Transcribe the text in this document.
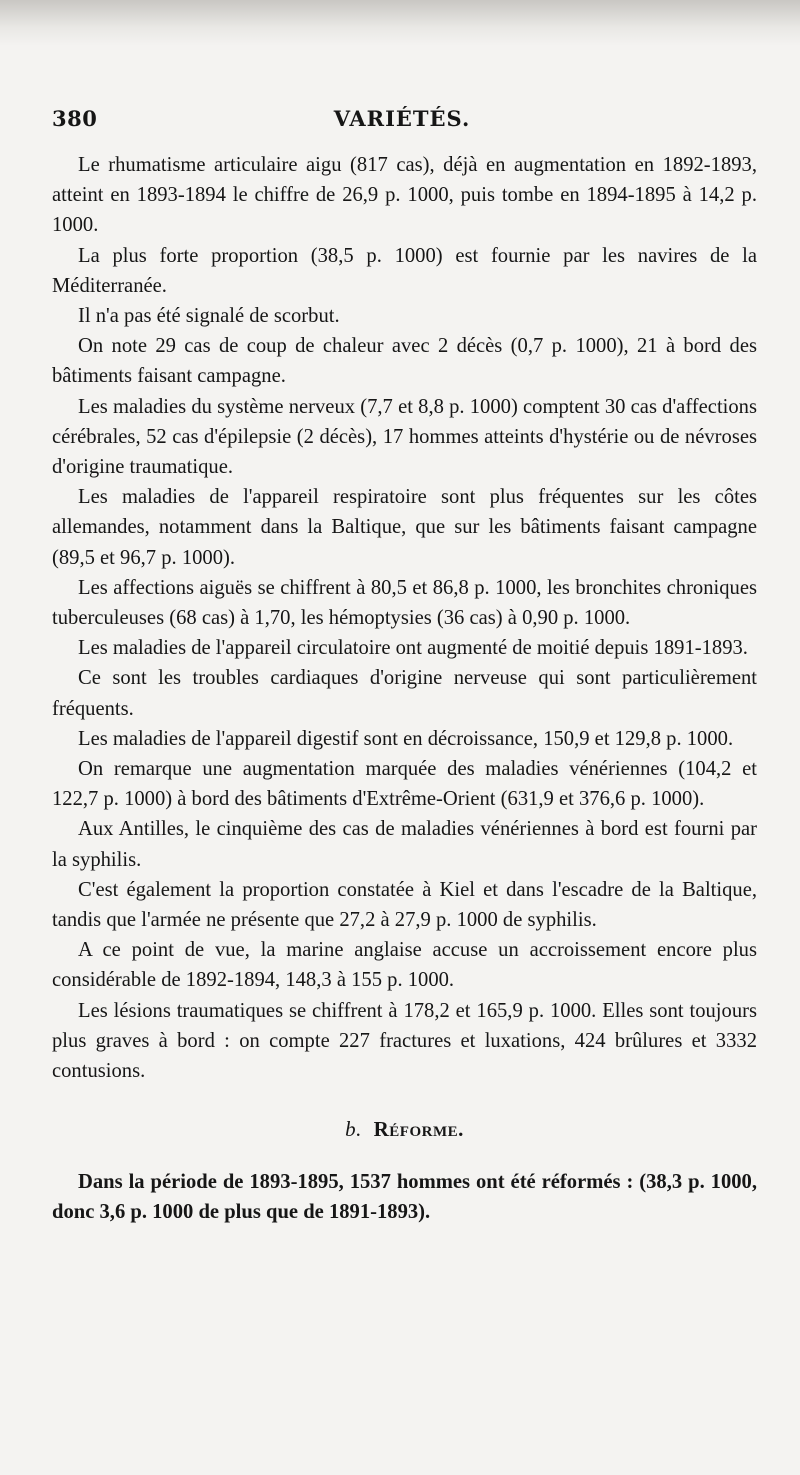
380	VARIÉTÉS.

Le rhumatisme articulaire aigu (817 cas), déjà en augmentation en 1892-1893, atteint en 1893-1894 le chiffre de 26,9 p. 1000, puis tombe en 1894-1895 à 14,2 p. 1000.

La plus forte proportion (38,5 p. 1000) est fournie par les navires de la Méditerranée.

Il n'a pas été signalé de scorbut.

On note 29 cas de coup de chaleur avec 2 décès (0,7 p. 1000), 21 à bord des bâtiments faisant campagne.

Les maladies du système nerveux (7,7 et 8,8 p. 1000) comptent 30 cas d'affections cérébrales, 52 cas d'épilepsie (2 décès), 17 hommes atteints d'hystérie ou de névroses d'origine traumatique.

Les maladies de l'appareil respiratoire sont plus fréquentes sur les côtes allemandes, notamment dans la Baltique, que sur les bâtiments faisant campagne (89,5 et 96,7 p. 1000).

Les affections aiguës se chiffrent à 80,5 et 86,8 p. 1000, les bronchites chroniques tuberculeuses (68 cas) à 1,70, les hémoptysies (36 cas) à 0,90 p. 1000.

Les maladies de l'appareil circulatoire ont augmenté de moitié depuis 1891-1893.

Ce sont les troubles cardiaques d'origine nerveuse qui sont particulièrement fréquents.

Les maladies de l'appareil digestif sont en décroissance, 150,9 et 129,8 p. 1000.

On remarque une augmentation marquée des maladies vénériennes (104,2 et 122,7 p. 1000) à bord des bâtiments d'Extrême-Orient (631,9 et 376,6 p. 1000).

Aux Antilles, le cinquième des cas de maladies vénériennes à bord est fourni par la syphilis.

C'est également la proportion constatée à Kiel et dans l'escadre de la Baltique, tandis que l'armée ne présente que 27,2 à 27,9 p. 1000 de syphilis.

A ce point de vue, la marine anglaise accuse un accroissement encore plus considérable de 1892-1894, 148,3 à 155 p. 1000.

Les lésions traumatiques se chiffrent à 178,2 et 165,9 p. 1000. Elles sont toujours plus graves à bord : on compte 227 fractures et luxations, 424 brûlures et 3332 contusions.

b. Réforme.

Dans la période de 1893-1895, 1537 hommes ont été réformés : (38,3 p. 1000, donc 3,6 p. 1000 de plus que de 1891-1893).
